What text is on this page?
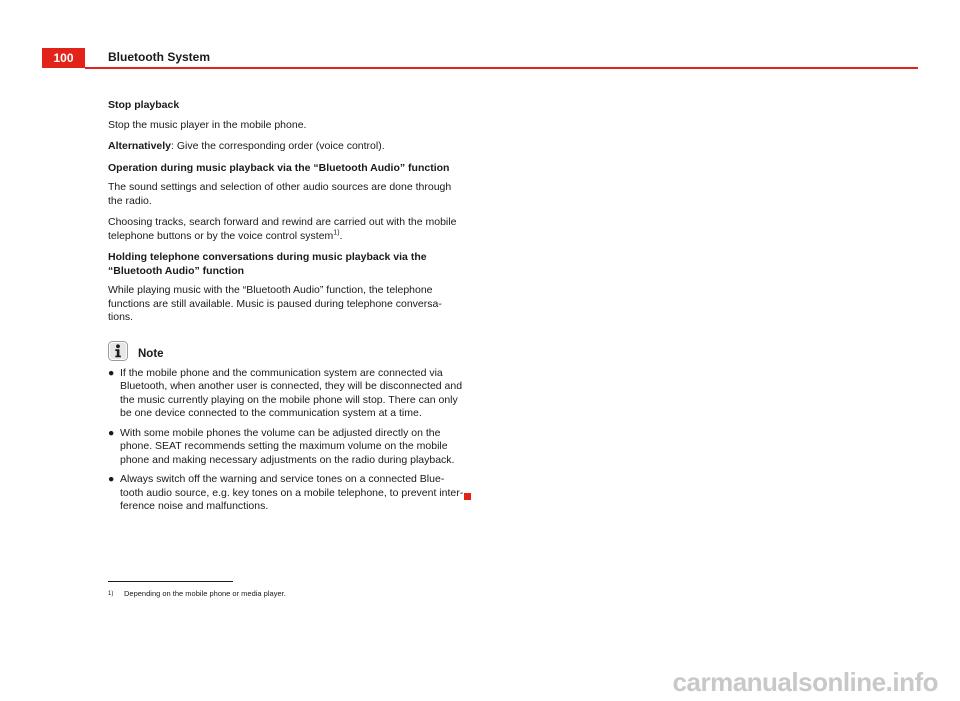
100	Bluetooth System

Stop playback

Stop the music player in the mobile phone.

Alternatively: Give the corresponding order (voice control).

Operation during music playback via the “Bluetooth Audio” function

The sound settings and selection of other audio sources are done through the radio.

Choosing tracks, search forward and rewind are carried out with the mobile telephone buttons or by the voice control system$^{1)}$.

Holding telephone conversations during music playback via the “Bluetooth Audio” function

While playing music with the “Bluetooth Audio” function, the telephone functions are still available. Music is paused during telephone conversa-tions.

Note
● If the mobile phone and the communication system are connected via Bluetooth, when another user is connected, they will be disconnected and the music currently playing on the mobile phone will stop. There can only be one device connected to the communication system at a time.
● With some mobile phones the volume can be adjusted directly on the phone. SEAT recommends setting the maximum volume on the mobile phone and making necessary adjustments on the radio during playback.
● Always switch off the warning and service tones on a connected Blue-tooth audio source, e.g. key tones on a mobile telephone, to prevent inter-ference noise and malfunctions.
1)	Depending on the mobile phone or media player.
carmanualsonline.info
